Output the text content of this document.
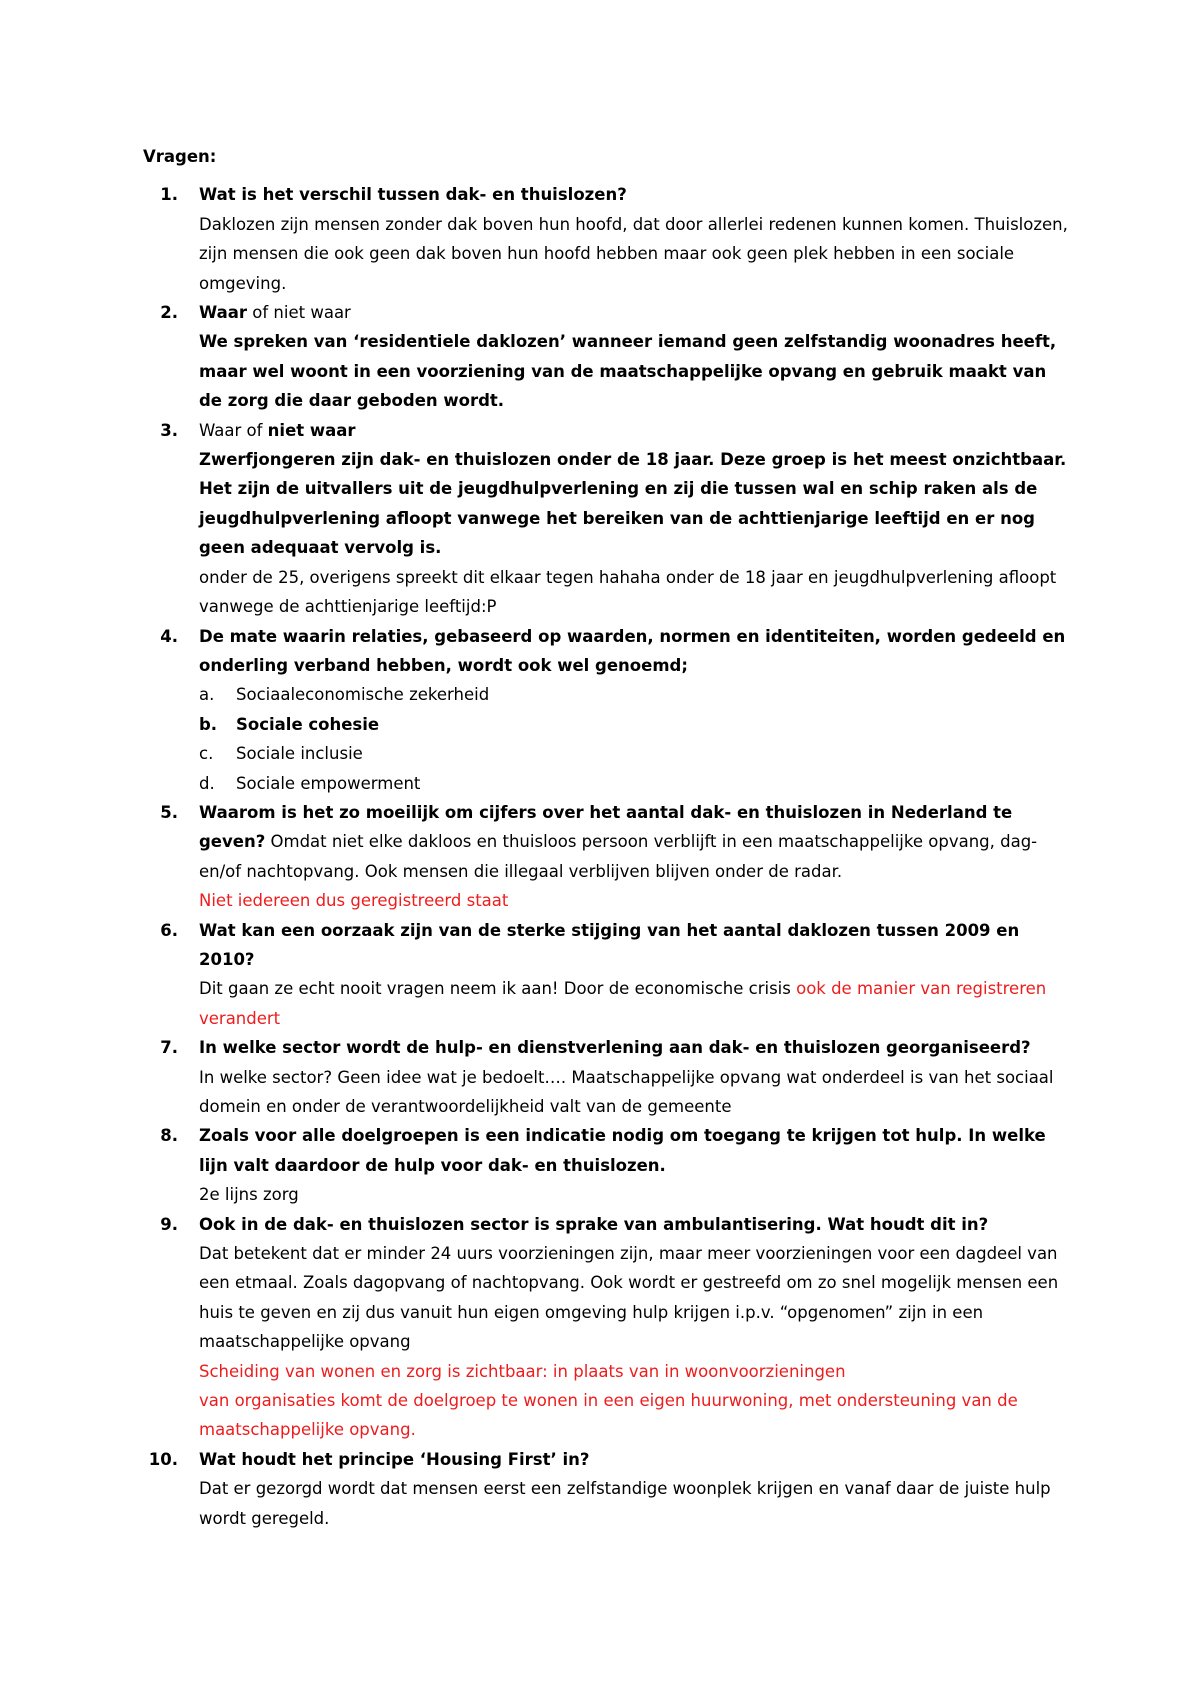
Vragen:
1.	Wat is het verschil tussen dak- en thuislozen?
Daklozen zijn mensen zonder dak boven hun hoofd, dat door allerlei redenen kunnen komen. Thuislozen, zijn mensen die ook geen dak boven hun hoofd hebben maar ook geen plek hebben in een sociale omgeving.
2.	Waar of niet waar
We spreken van ‘residentiele daklozen’ wanneer iemand geen zelfstandig woonadres heeft, maar wel woont in een voorziening van de maatschappelijke opvang en gebruik maakt van de zorg die daar geboden wordt.
3.	Waar of niet waar
Zwerfjongeren zijn dak- en thuislozen onder de 18 jaar. Deze groep is het meest onzichtbaar. Het zijn de uitvallers uit de jeugdhulpverlening en zij die tussen wal en schip raken als de jeugdhulpverlening afloopt vanwege het bereiken van de achttienjarige leeftijd en er nog geen adequaat vervolg is.
onder de 25, overigens spreekt dit elkaar tegen hahaha onder de 18 jaar en jeugdhulpverlening afloopt vanwege de achttienjarige leeftijd:P
4.	De mate waarin relaties, gebaseerd op waarden, normen en identiteiten, worden gedeeld en onderling verband hebben, wordt ook wel genoemd;
a.	Sociaaleconomische zekerheid
b.	Sociale cohesie
c.	Sociale inclusie
d.	Sociale empowerment
5.	Waarom is het zo moeilijk om cijfers over het aantal dak- en thuislozen in Nederland te geven? Omdat niet elke dakloos en thuisloos persoon verblijft in een maatschappelijke opvang, dag- en/of nachtopvang. Ook mensen die illegaal verblijven blijven onder de radar.
Niet iedereen dus geregistreerd staat
6.	Wat kan een oorzaak zijn van de sterke stijging van het aantal daklozen tussen 2009 en 2010?
Dit gaan ze echt nooit vragen neem ik aan! Door de economische crisis ook de manier van registreren verandert
7.	In welke sector wordt de hulp- en dienstverlening aan dak- en thuislozen georganiseerd?
In welke sector? Geen idee wat je bedoelt…. Maatschappelijke opvang wat onderdeel is van het sociaal domein en onder de verantwoordelijkheid valt van de gemeente
8.	Zoals voor alle doelgroepen is een indicatie nodig om toegang te krijgen tot hulp. In welke lijn valt daardoor de hulp voor dak- en thuislozen.
2e lijns zorg
9.	Ook in de dak- en thuislozen sector is sprake van ambulantisering. Wat houdt dit in?
Dat betekent dat er minder 24 uurs voorzieningen zijn, maar meer voorzieningen voor een dagdeel van een etmaal. Zoals dagopvang of nachtopvang. Ook wordt er gestreefd om zo snel mogelijk mensen een huis te geven en zij dus vanuit hun eigen omgeving hulp krijgen i.p.v. “opgenomen” zijn in een maatschappelijke opvang
Scheiding van wonen en zorg is zichtbaar: in plaats van in woonvoorzieningen
van organisaties komt de doelgroep te wonen in een eigen huurwoning, met ondersteuning van de maatschappelijke opvang.
10.	Wat houdt het principe ‘Housing First’ in?
Dat er gezorgd wordt dat mensen eerst een zelfstandige woonplek krijgen en vanaf daar de juiste hulp wordt geregeld.
